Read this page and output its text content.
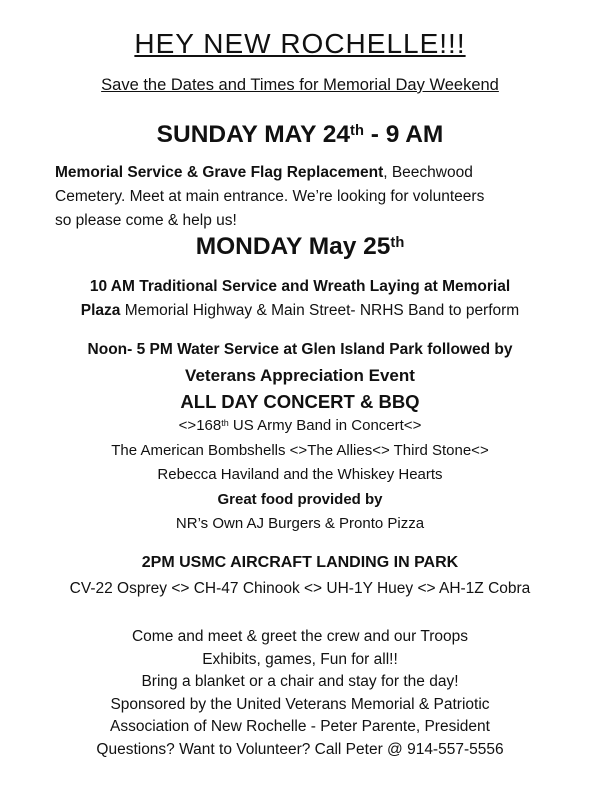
HEY NEW ROCHELLE!!!
Save the Dates and Times for Memorial Day Weekend
SUNDAY MAY 24th - 9 AM
Memorial Service & Grave Flag Replacement, Beechwood
Cemetery. Meet at main entrance. We’re looking for volunteers
so please come & help us!
MONDAY May 25th
10 AM Traditional Service and Wreath Laying at Memorial
Plaza Memorial Highway & Main Street- NRHS Band to perform
Noon- 5 PM Water Service at Glen Island Park followed by
Veterans Appreciation Event
ALL DAY CONCERT & BBQ
<>168th US Army Band in Concert<>
The American Bombshells <>The Allies<> Third Stone<>
Rebecca Haviland and the Whiskey Hearts
Great food provided by
NR’s Own AJ Burgers & Pronto Pizza
2PM USMC AIRCRAFT LANDING IN PARK
CV-22 Osprey <> CH-47 Chinook <> UH-1Y Huey <> AH-1Z Cobra
Come and meet & greet the crew and our Troops
Exhibits, games, Fun for all!!
Bring a blanket or a chair and stay for the day!
Sponsored by the United Veterans Memorial & Patriotic
Association of New Rochelle - Peter Parente, President
Questions? Want to Volunteer? Call Peter @ 914-557-5556
